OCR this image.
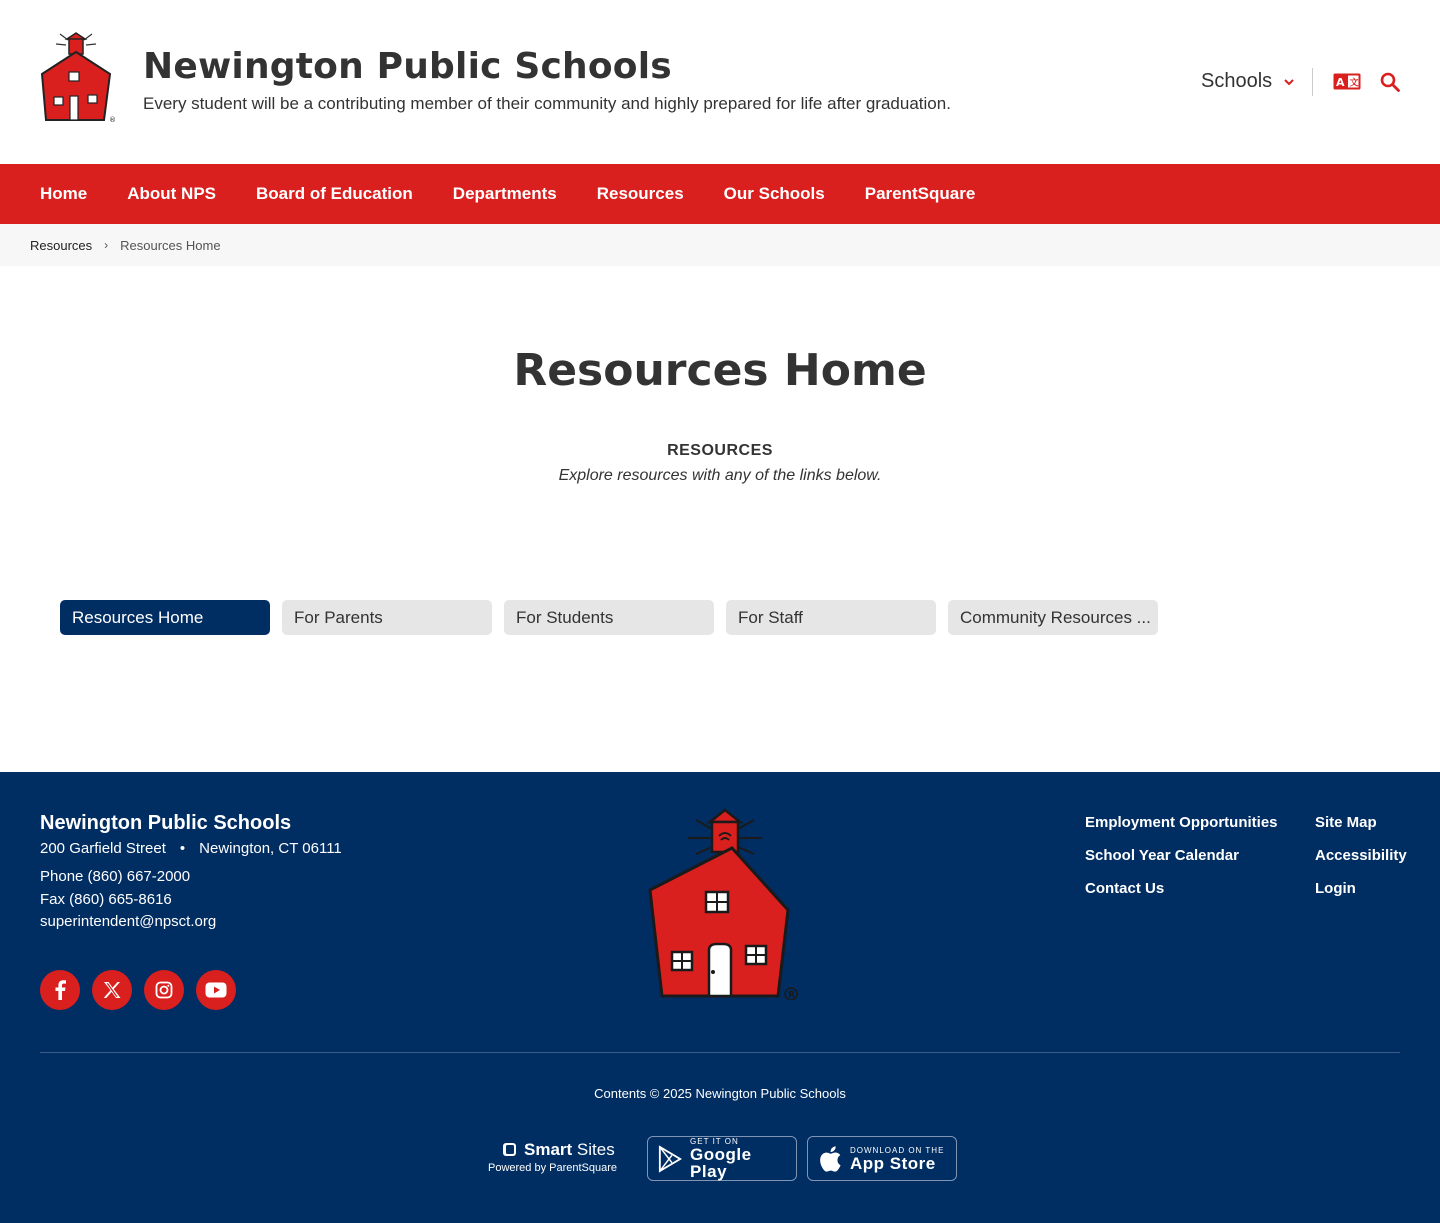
®
Newington Public Schools
Every student will be a contributing member of their community and highly prepared for life after graduation.
Schools	A 文
Home About NPS Board of Education Departments Resources Our Schools ParentSquare
Resources › Resources Home
Resources Home
RESOURCES
Explore resources with any of the links below.
Resources Home	For Parents	For Students	For Staff	Community Resources ...
Newington Public Schools
200 Garfield Street • Newington, CT 06111
Phone (860) 667-2000
Fax (860) 665-8616
superintendent@npsct.org
R
Employment Opportunities
School Year Calendar
Contact Us
Site Map
Accessibility
Login
Contents © 2025 Newington Public Schools
Smart Sites
Powered by ParentSquare
GET IT ON
Google Play
DOWNLOAD ON THE
App Store
